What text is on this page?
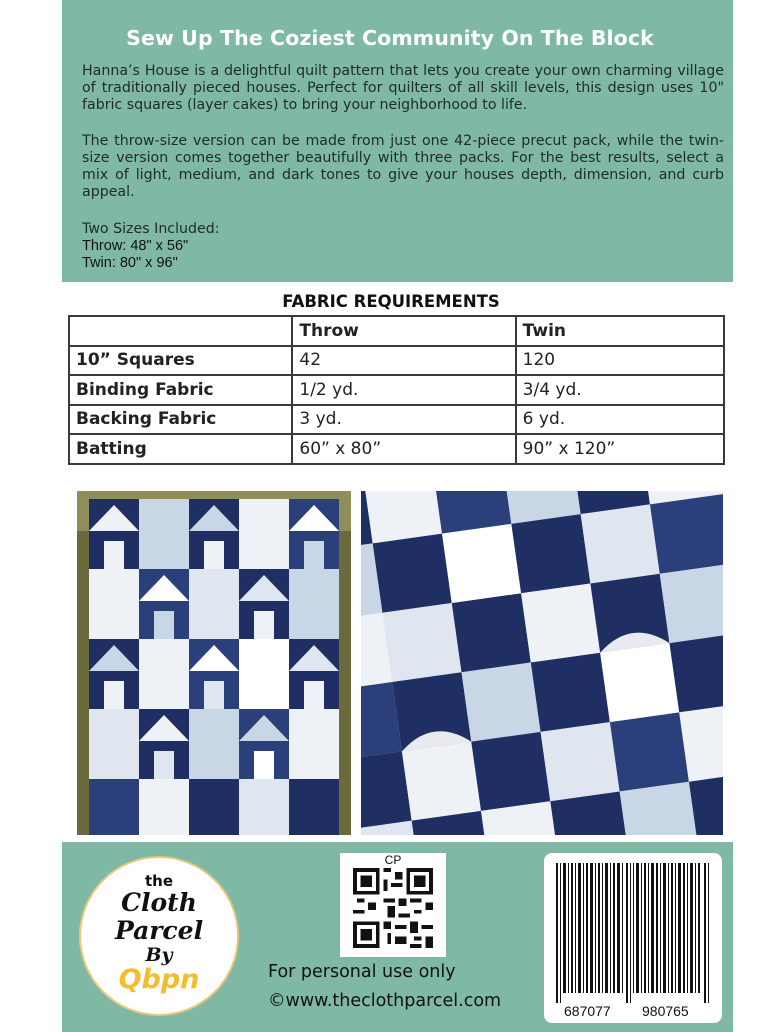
Sew Up The Coziest Community On The Block

Hanna’s House is a delightful quilt pattern that lets you create your own charming village of traditionally pieced houses. Perfect for quilters of all skill levels, this design uses 10" fabric squares (layer cakes) to bring your neighborhood to life.

The throw-size version can be made from just one 42-piece precut pack, while the twin-size version comes together beautifully with three packs. For the best results, select a mix of light, medium, and dark tones to give your houses depth, dimension, and curb appeal.

Two Sizes Included:
Throw: 48" x 56"
Twin: 80" x 96"
FABRIC REQUIREMENTS
	Throw	Twin
10” Squares	42	120
Binding Fabric	1/2 yd.	3/4 yd.
Backing Fabric	3 yd.	6 yd.
Batting	60” x 80”	90” x 120”
the
Cloth
Parcel
By
Qbpn
CP
For personal use only
©www.theclothparcel.com	687077 980765
